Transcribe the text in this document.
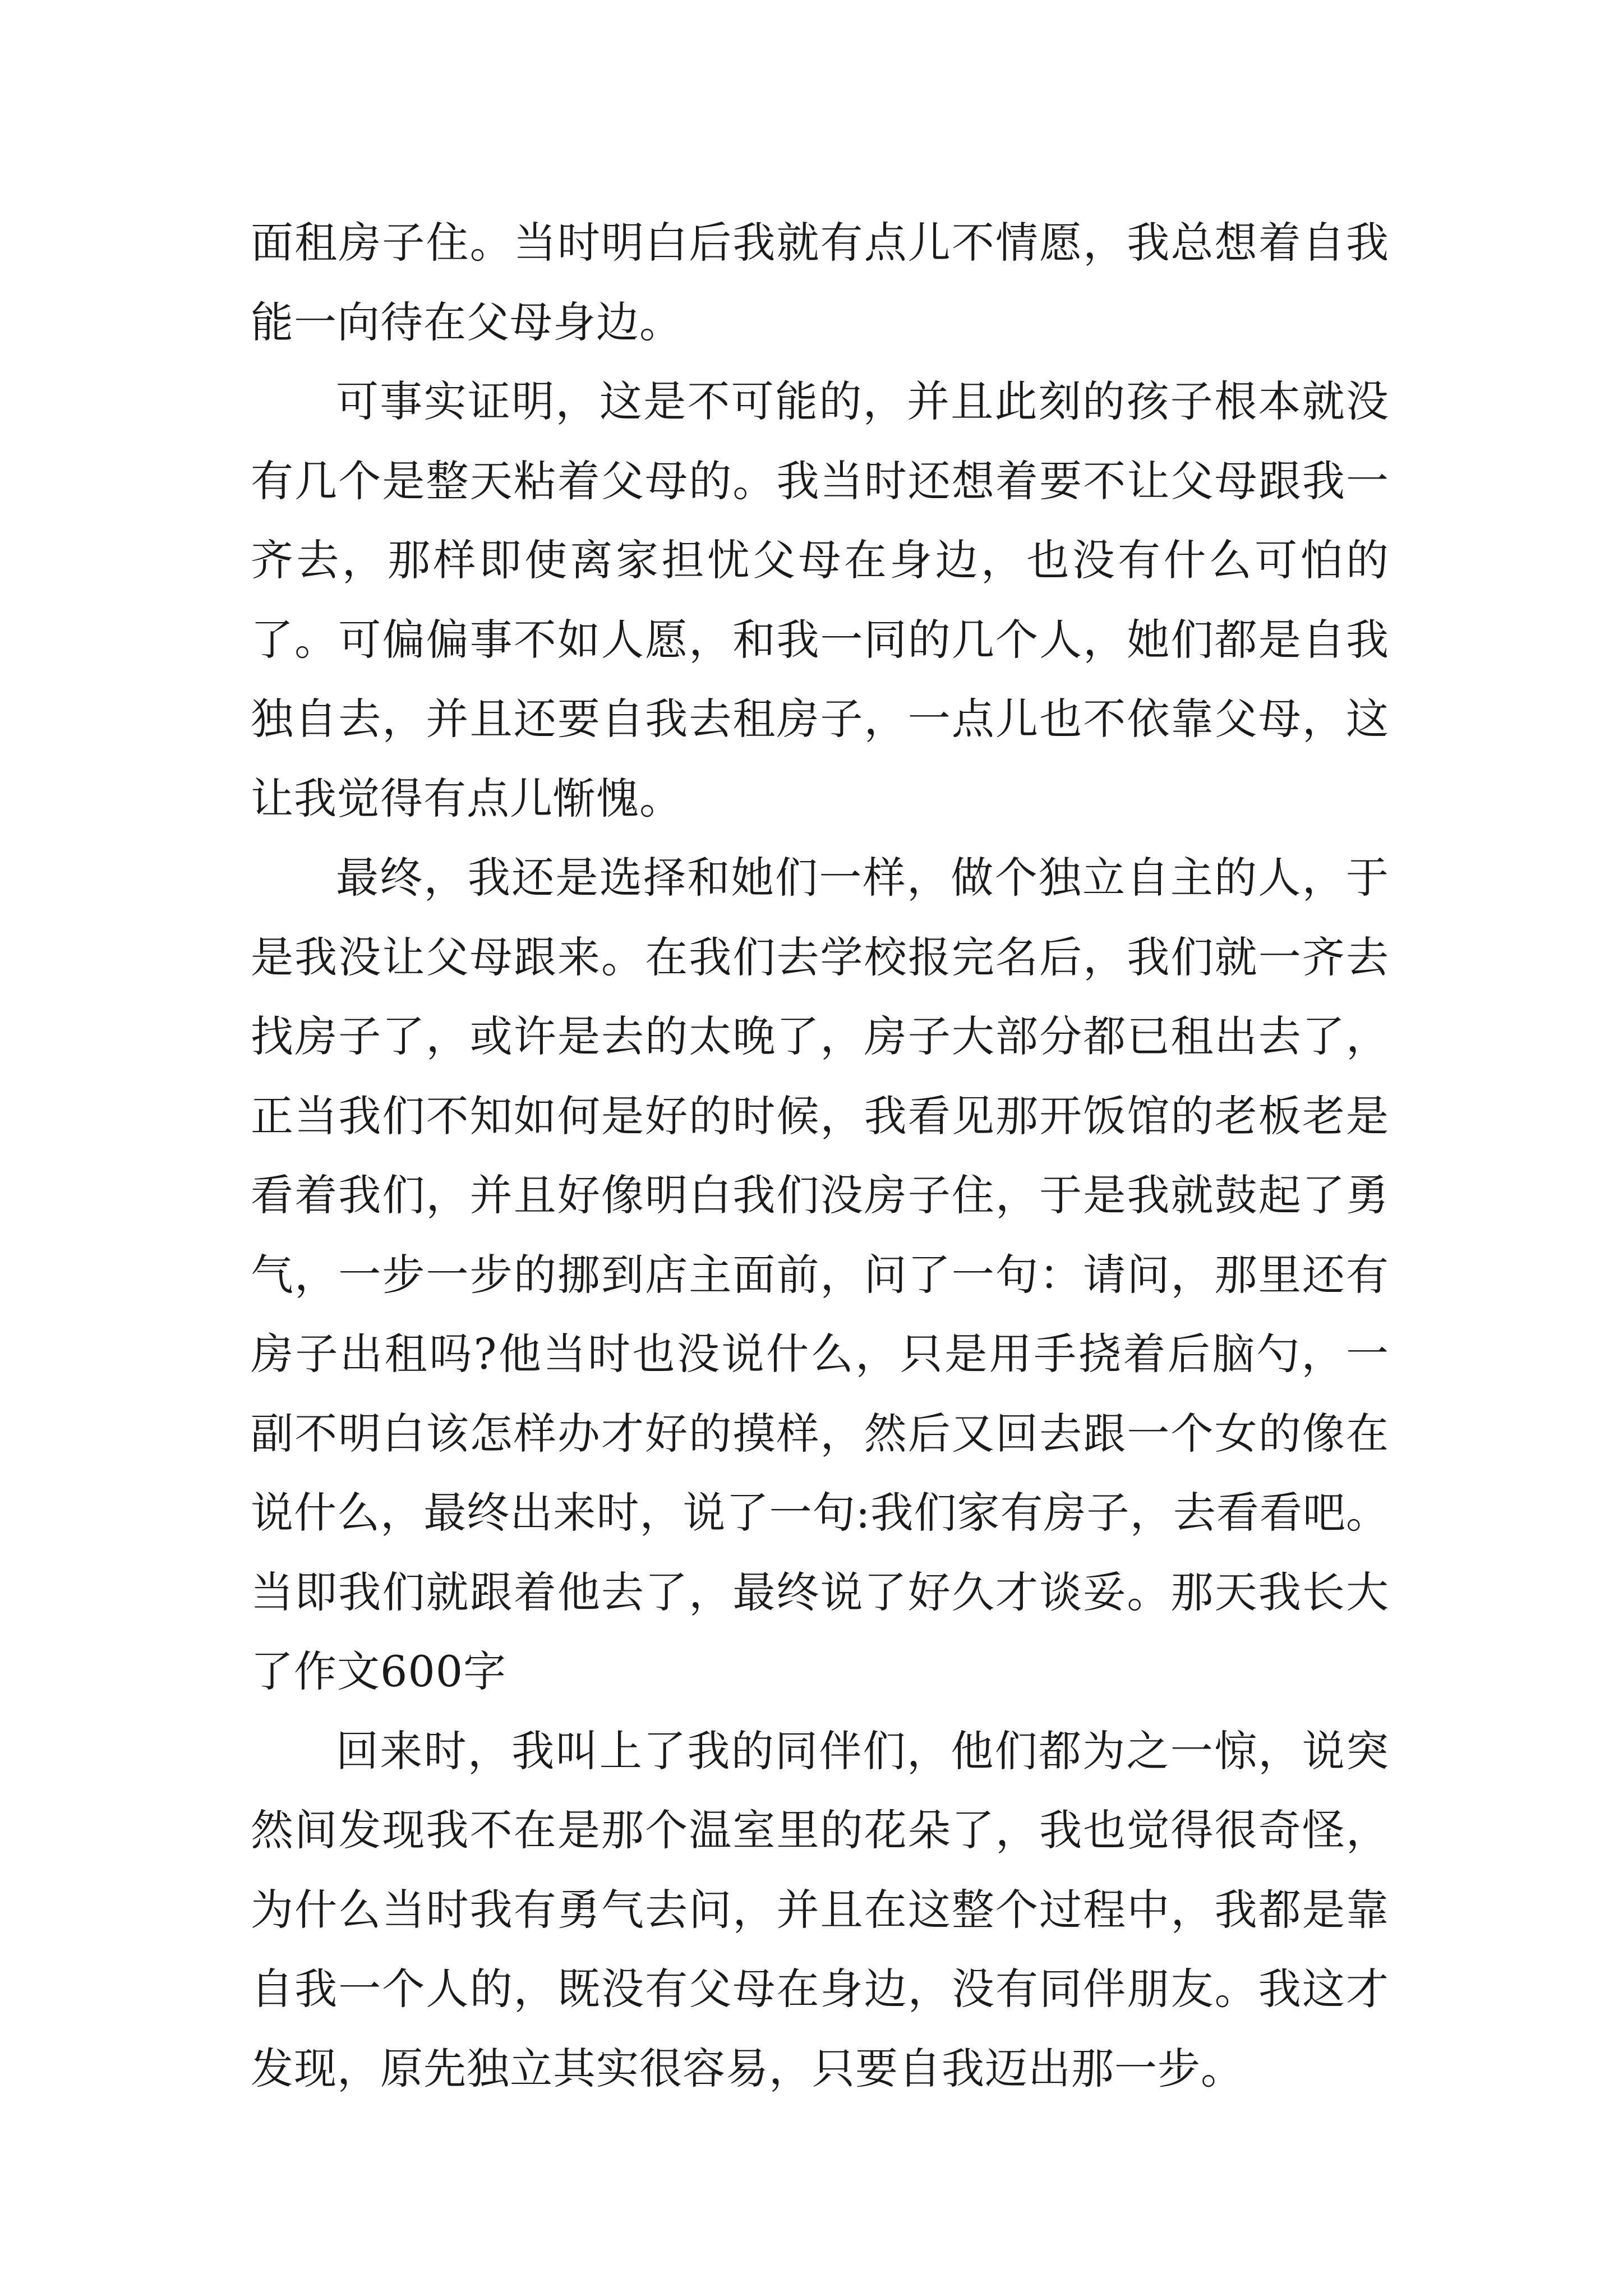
面租房子住。当时明白后我就有点儿不情愿，我总想着自我能一向待在父母身边。

可事实证明，这是不可能的，并且此刻的孩子根本就没有几个是整天粘着父母的。我当时还想着要不让父母跟我一齐去，那样即使离家担忧父母在身边，也没有什么可怕的了。可偏偏事不如人愿，和我一同的几个人，她们都是自我独自去，并且还要自我去租房子，一点儿也不依靠父母，这让我觉得有点儿惭愧。

最终，我还是选择和她们一样，做个独立自主的人，于是我没让父母跟来。在我们去学校报完名后，我们就一齐去找房子了，或许是去的太晚了，房子大部分都已租出去了，正当我们不知如何是好的时候，我看见那开饭馆的老板老是看着我们，并且好像明白我们没房子住，于是我就鼓起了勇气，一步一步的挪到店主面前，问了一句：请问，那里还有房子出租吗?他当时也没说什么，只是用手挠着后脑勺，一副不明白该怎样办才好的摸样，然后又回去跟一个女的像在说什么，最终出来时，说了一句:我们家有房子，去看看吧。当即我们就跟着他去了，最终说了好久才谈妥。那天我长大了作文600字

回来时，我叫上了我的同伴们，他们都为之一惊，说突然间发现我不在是那个温室里的花朵了，我也觉得很奇怪，为什么当时我有勇气去问，并且在这整个过程中，我都是靠自我一个人的，既没有父母在身边，没有同伴朋友。我这才发现，原先独立其实很容易，只要自我迈出那一步。
